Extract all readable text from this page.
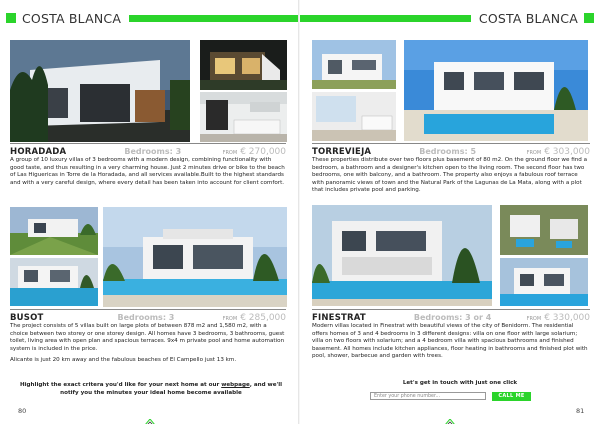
COSTA BLANCA
HORADADA	Bedrooms: 3	FROM € 270,000
A group of 10 luxury villas of 3 bedrooms with a modern design, combining functionality with good taste, and thus resulting in a very charming house. Just 2 minutes drive or bike to the beach of Las Higuericas in Torre de la Horadada, and all services available.Built to the highest standards and with a very careful design, where every detail has been taken into account for client comfort.
BUSOT	Bedrooms: 3	FROM € 285,000
The project consists of 5 villas built on large plots of between 878 m2 and 1,580 m2, with a choice between two storey or one storey design. All homes have 3 bedrooms, 3 bathrooms, guest toilet, living area with open plan and spacious terraces. 9x4 m private pool and home automation system is included in the price.
Alicante is just 20 km away and the fabulous beaches of El Campello just 13 km.
Highlight the exact critera you'd like for your next home at our webpage, and we'll notify you the minutes your ideal home become available
80
COSTA BLANCA
TORREVIEJA	Bedrooms: 5	FROM € 303,000
These properties distribute over two floors plus basement of 80 m2. On the ground floor we find a bedroom, a bathroom and a designer's kitchen open to the living room. The second floor has two bedrooms, one with balcony, and a bathroom. The property also enjoys a fabulous roof terrace with panoramic views of town and the Natural Park of the Lagunas de La Mata, along with a plot that includes private pool and parking.
FINESTRAT	Bedrooms: 3 or 4	FROM € 330,000
Modern villas located in Finestrat with beautiful views of the city of Benidorm. The residential offers homes of 3 and 4 bedrooms in 3 different designs: villa on one floor with large solarium; villa on two floors with solarium; and a 4 bedroom villa with spacious bathrooms and finished basement. All homes include kitchen appliances, floor heating in bathrooms and finished plot with pool, shower, barbecue and garden with trees.
Let's get in touch with just one click
Enter your phone number...	CALL ME
81
